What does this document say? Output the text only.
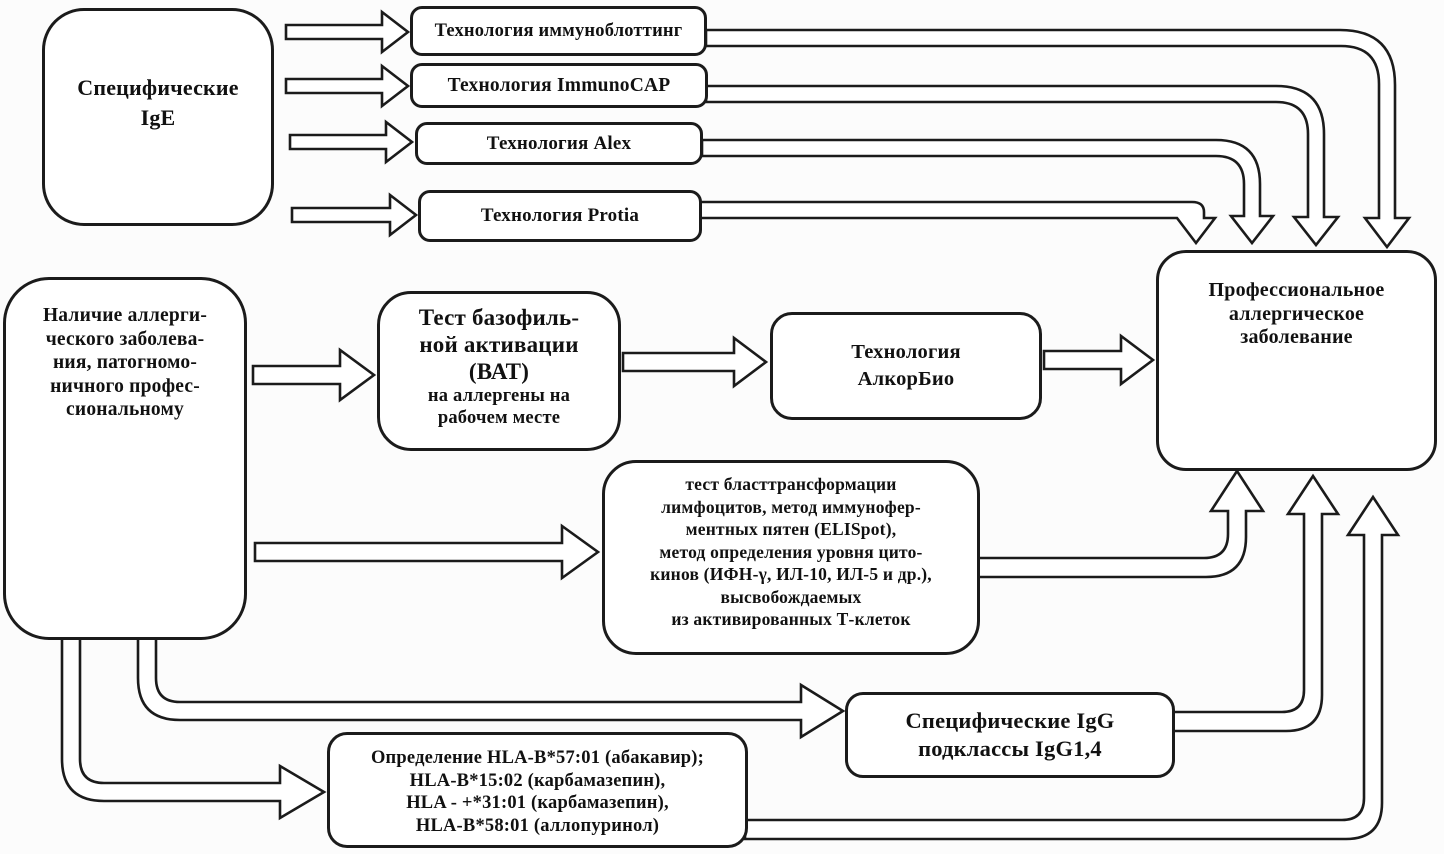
Специфические
IgE
Технология иммуноблоттинг
Технология ImmunoCAP
Технология Alex
Технология Protia
Наличие аллерги-
ческого заболева-
ния, патогномо-
ничного профес-
сиональному
Тест базофиль-
ной активации
(ВАТ)
на аллергены на
рабочем месте
Технология
АлкорБио
Профессиональное
аллергическое
заболевание
тест бласттрансформации
лимфоцитов, метод иммунофер-
ментных пятен (ELISpot),
метод определения уровня цито-
кинов (ИФН-γ, ИЛ-10, ИЛ-5 и др.),
высвобождаемых
из активированных Т-клеток
Специфические IgG
подклассы IgG1,4
Определение HLA-B*57:01 (абакавир);
HLA-B*15:02 (карбамазепин),
HLA - +*31:01 (карбамазепин),
HLA-B*58:01 (аллопуринол)
